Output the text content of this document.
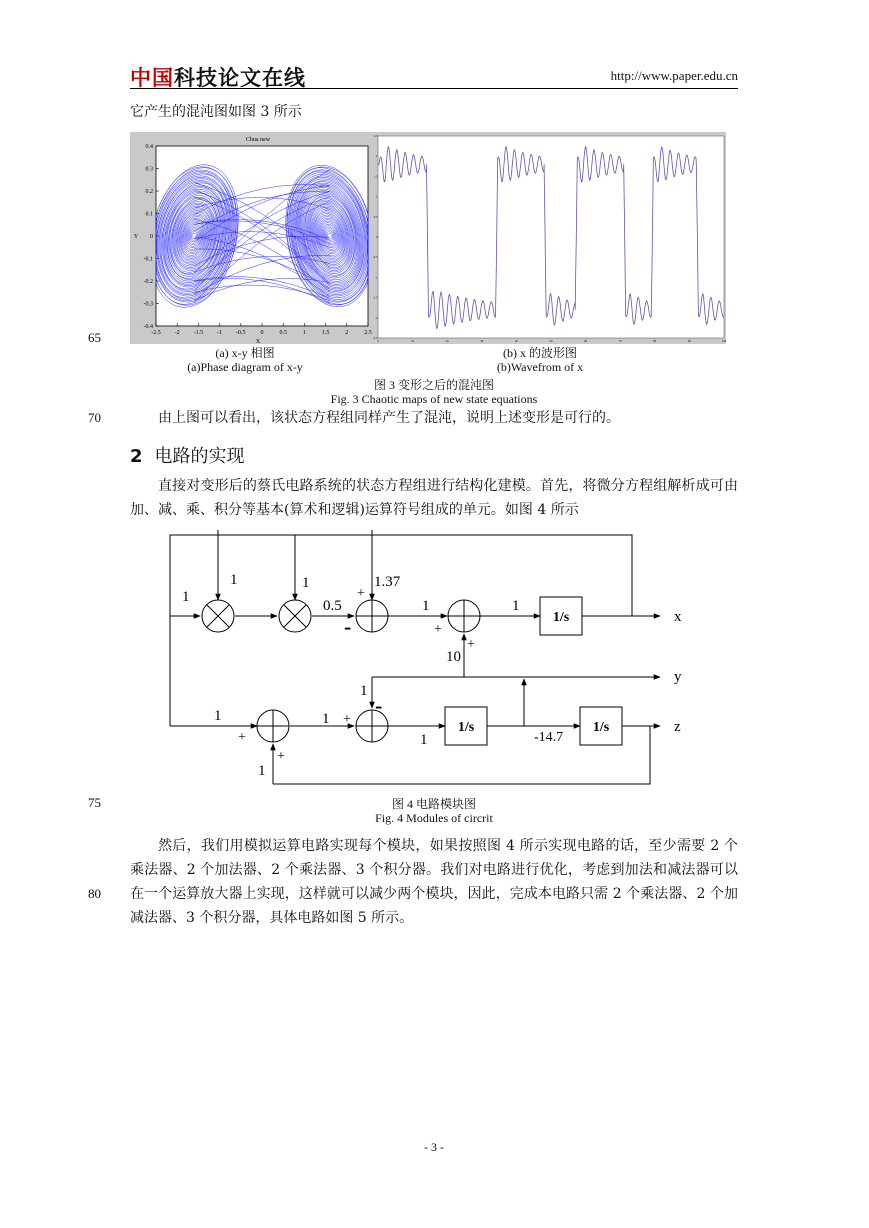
中国科技论文在线	http://www.paper.edu.cn
它产生的混沌图如图 3 所示
Chua new
X
Y
-2.5 -2 -1.5 -1 -0.5 0	0.5	1	1.5	2	2.5
0.4
0.3
0.2
0.1
0
-0.1
-0.2
-0.3
-0.4
0	10	20	30	40	50	60	70	80	90	100
2.5
2
1.5
1
0.5
0
-0.5
-1
-1.5
-2
-2.5
65
(a) x-y 相图
(a)Phase diagram of x-y
(b) x 的波形图
(b)Wavefrom of x
图 3 变形之后的混沌图
Fig. 3 Chaotic maps of new state equations
70	由上图可以看出，该状态方程组同样产生了混沌，说明上述变形是可行的。
2 电路的实现
直接对变形后的蔡氏电路系统的状态方程组进行结构化建模。首先，将微分方程组解析成可由加、减、乘、积分等基本(算术和逻辑)运算符号组成的单元。如图 4 所示
1
1
1
0.5
+
1.37
-
1
+
1
+
10
1
-
1
+
1 +
1	-14.7
+
1
1/s
1/s	1/s
x
y
z
75	图 4 电路模块图
Fig. 4 Modules of circrit
然后，我们用模拟运算电路实现每个模块，如果按照图 4 所示实现电路的话，至少需要 2 个乘法器、2 个加法器、2 个乘法器、3 个积分器。我们对电路进行优化，考虑到加法和减法器可以在一个运算放大器上实现，这样就可以减少两个模块，因此，完成本电路只需 2 个乘法器、2 个加减法器、3 个积分器，具体电路如图 5 所示。
80
- 3 -
